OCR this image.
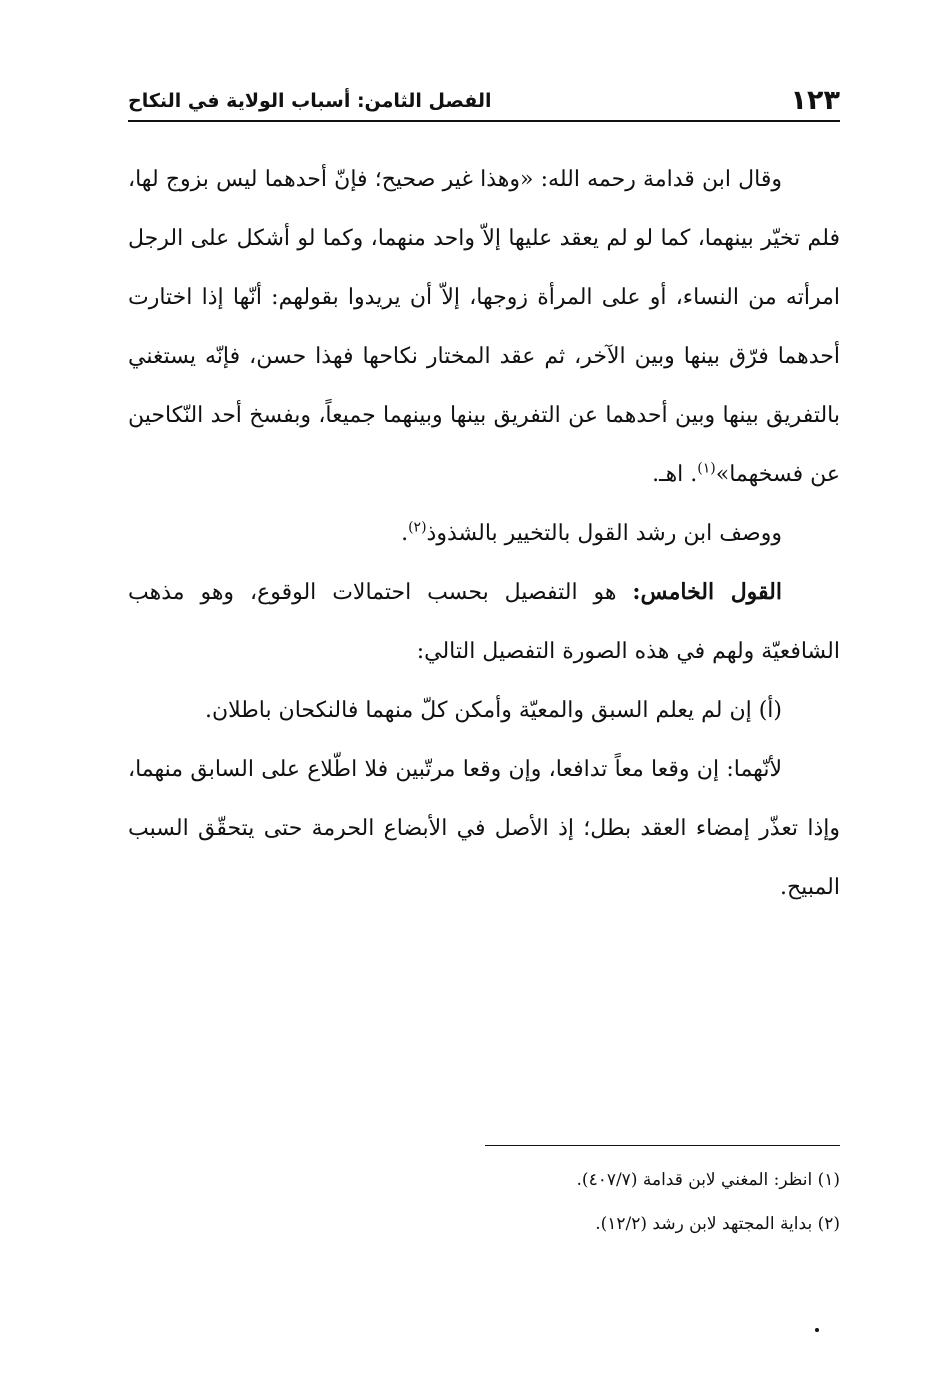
١٢٣
الفصل الثامن: أسباب الولاية في النكاح

وقال ابن قدامة رحمه الله: «وهذا غير صحيح؛ فإنّ أحدهما ليس بزوج لها، فلم تخيّر بينهما، كما لو لم يعقد عليها إلاّ واحد منهما، وكما لو أشكل على الرجل امرأته من النساء، أو على المرأة زوجها، إلاّ أن يريدوا بقولهم: أنّها إذا اختارت أحدهما فرّق بينها وبين الآخر، ثم عقد المختار نكاحها فهذا حسن، فإنّه يستغني بالتفريق بينها وبين أحدهما عن التفريق بينها وبينهما جميعاً، وبفسخ أحد النّكاحين عن فسخهما»$^{(١)}$. اهـ.

ووصف ابن رشد القول بالتخيير بالشذوذ$^{(٢)}$.

القول الخامس: هو التفصيل بحسب احتمالات الوقوع، وهو مذهب الشافعيّة ولهم في هذه الصورة التفصيل التالي:

(أ) إن لم يعلم السبق والمعيّة وأمكن كلّ منهما فالنكحان باطلان.

لأنّهما: إن وقعا معاً تدافعا، وإن وقعا مرتّبين فلا اطّلاع على السابق منهما، وإذا تعذّر إمضاء العقد بطل؛ إذ الأصل في الأبضاع الحرمة حتى يتحقّق السبب المبيح.

(١) انظر: المغني لابن قدامة (٤٠٧/٧).

(٢) بداية المجتهد لابن رشد (١٢/٢).
